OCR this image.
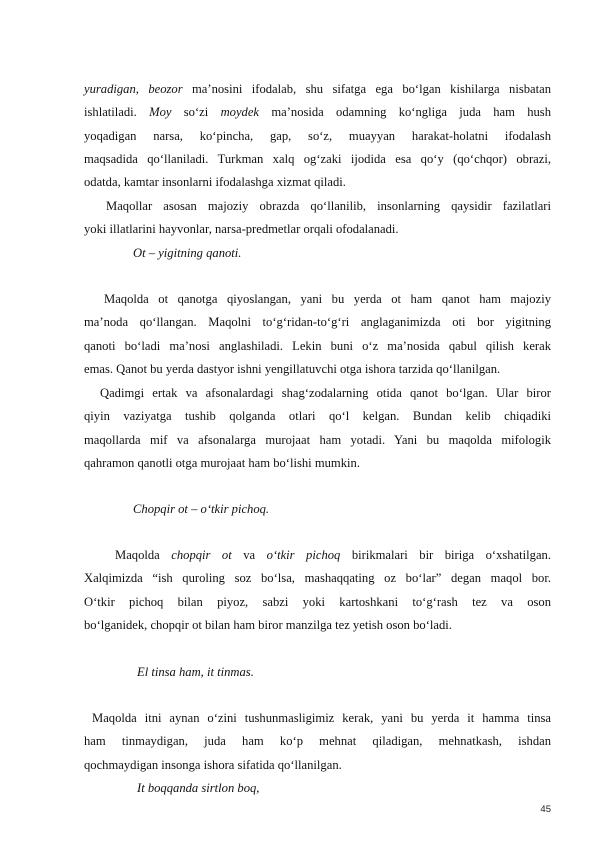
yuradigan, beozor ma’nosini ifodalab, shu sifatga ega bo‘lgan kishilarga nisbatan
ishlatiladi. Moy so‘zi moydek ma’nosida odamning ko‘ngliga juda ham hush
yoqadigan narsa, ko‘pincha, gap, so‘z, muayyan harakat-holatni ifodalash
maqsadida qo‘llaniladi. Turkman xalq og‘zaki ijodida esa qo‘y (qo‘chqor) obrazi,
odatda, kamtar insonlarni ifodalashga xizmat qiladi.
Maqollar asosan majoziy obrazda qo‘llanilib, insonlarning qaysidir fazilatlari
yoki illatlarini hayvonlar, narsa-predmetlar orqali ofodalanadi.
Ot – yigitning qanoti.
Maqolda ot qanotga qiyoslangan, yani bu yerda ot ham qanot ham majoziy
ma’noda qo‘llangan. Maqolni to‘g‘ridan-to‘g‘ri anglaganimizda oti bor yigitning
qanoti bo‘ladi ma’nosi anglashiladi. Lekin buni o‘z ma’nosida qabul qilish kerak
emas. Qanot bu yerda dastyor ishni yengillatuvchi otga ishora tarzida qo‘llanilgan.
Qadimgi ertak va afsonalardagi shag‘zodalarning otida qanot bo‘lgan. Ular biror
qiyin vaziyatga tushib qolganda otlari qo‘l kelgan. Bundan kelib chiqadiki
maqollarda mif va afsonalarga murojaat ham yotadi. Yani bu maqolda mifologik
qahramon qanotli otga murojaat ham bo‘lishi mumkin.
Chopqir ot – o‘tkir pichoq.
Maqolda chopqir ot va o‘tkir pichoq birikmalari bir biriga o‘xshatilgan.
Xalqimizda “ish quroling soz bo‘lsa, mashaqqating oz bo‘lar” degan maqol bor.
O‘tkir pichoq bilan piyoz, sabzi yoki kartoshkani to‘g‘rash tez va oson
bo‘lganidek, chopqir ot bilan ham biror manzilga tez yetish oson bo‘ladi.
El tinsa ham, it tinmas.
Maqolda itni aynan o‘zini tushunmasligimiz kerak, yani bu yerda it hamma tinsa
ham tinmaydigan, juda ham ko‘p mehnat qiladigan, mehnatkash, ishdan
qochmaydigan insonga ishora sifatida qo‘llanilgan.
It boqqanda sirtlon boq,
45
